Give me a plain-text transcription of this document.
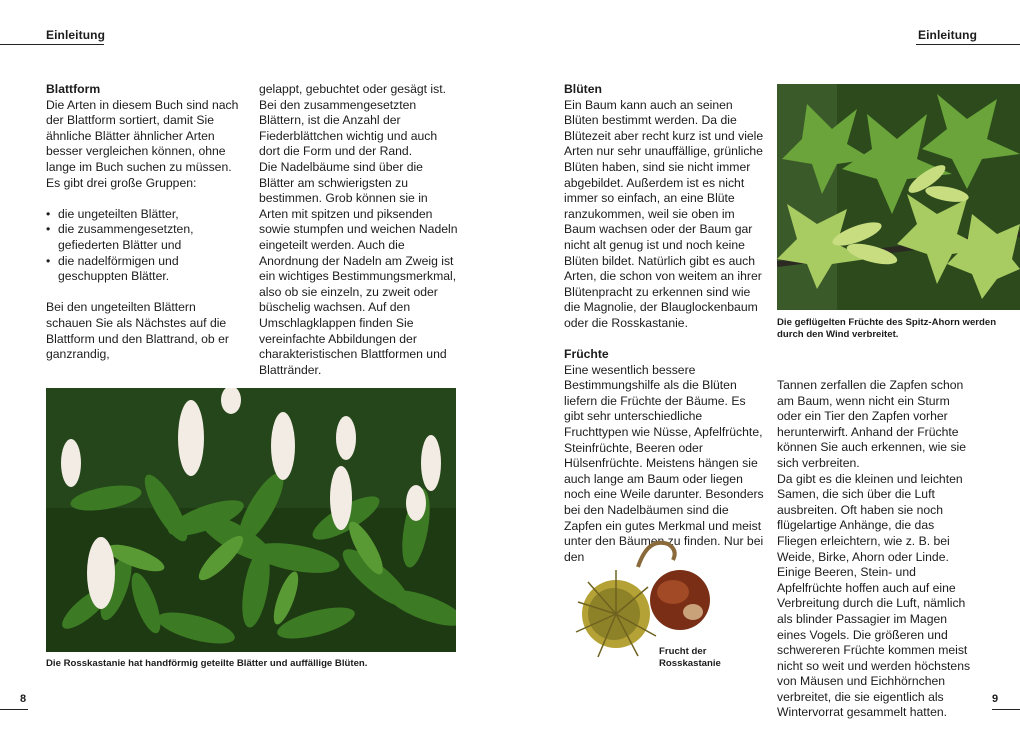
Einleitung	Einleitung
Blattform

Die Arten in diesem Buch sind nach der Blattform sortiert, damit Sie ähnliche Blätter ähnlicher Arten besser vergleichen können, ohne lange im Buch suchen zu müssen. Es gibt drei große Gruppen:

• die ungeteilten Blätter,
• die zusammengesetzten, gefiederten Blätter und
• die nadelförmigen und geschuppten Blätter.

Bei den ungeteilten Blättern schauen Sie als Nächstes auf die Blattform und den Blattrand, ob er ganzrandig,

gelappt, gebuchtet oder gesägt ist. Bei den zusammengesetzten Blättern, ist die Anzahl der Fiederblättchen wichtig und auch dort die Form und der Rand.

Die Nadelbäume sind über die Blätter am schwierigsten zu bestimmen. Grob können sie in Arten mit spitzen und piksenden sowie stumpfen und weichen Nadeln eingeteilt werden. Auch die Anordnung der Nadeln am Zweig ist ein wichtiges Bestimmungsmerkmal, also ob sie einzeln, zu zweit oder büschelig wachsen. Auf den Umschlagklappen finden Sie vereinfachte Abbildungen der charakteristischen Blattformen und Blattränder.

Die Rosskastanie hat handförmig geteilte Blätter und auffällige Blüten.
8
Blüten

Ein Baum kann auch an seinen Blüten bestimmt werden. Da die Blütezeit aber recht kurz ist und viele Arten nur sehr unauffällige, grünliche Blüten haben, sind sie nicht immer abgebildet. Außerdem ist es nicht immer so einfach, an eine Blüte ranzukommen, weil sie oben im Baum wachsen oder der Baum gar nicht alt genug ist und noch keine Blüten bildet. Natürlich gibt es auch Arten, die schon von weitem an ihrer Blütenpracht zu erkennen sind wie die Magnolie, der Blauglockenbaum oder die Rosskastanie.

Früchte

Eine wesentlich bessere Bestimmungshilfe als die Blüten liefern die Früchte der Bäume. Es gibt sehr unterschiedliche Fruchttypen wie Nüsse, Apfelfrüchte, Steinfrüchte, Beeren oder Hülsenfrüchte. Meistens hängen sie auch lange am Baum oder liegen noch eine Weile darunter. Besonders bei den Nadelbäumen sind die Zapfen ein gutes Merkmal und meist unter den Bäumen zu finden. Nur bei den

Die geflügelten Früchte des Spitz-Ahorn werden durch den Wind verbreitet.
Frucht der Rosskastanie

Tannen zerfallen die Zapfen schon am Baum, wenn nicht ein Sturm oder ein Tier den Zapfen vorher herunterwirft. Anhand der Früchte können Sie auch erkennen, wie sie sich verbreiten.

Da gibt es die kleinen und leichten Samen, die sich über die Luft ausbreiten. Oft haben sie noch flügelartige Anhänge, die das Fliegen erleichtern, wie z. B. bei Weide, Birke, Ahorn oder Linde. Einige Beeren, Stein- und Apfelfrüchte hoffen auch auf eine Verbreitung durch die Luft, nämlich als blinder Passagier im Magen eines Vogels. Die größeren und schwereren Früchte kommen meist nicht so weit und werden höchstens von Mäusen und Eichhörnchen verbreitet, die sie eigentlich als Wintervorrat gesammelt hatten.

9
